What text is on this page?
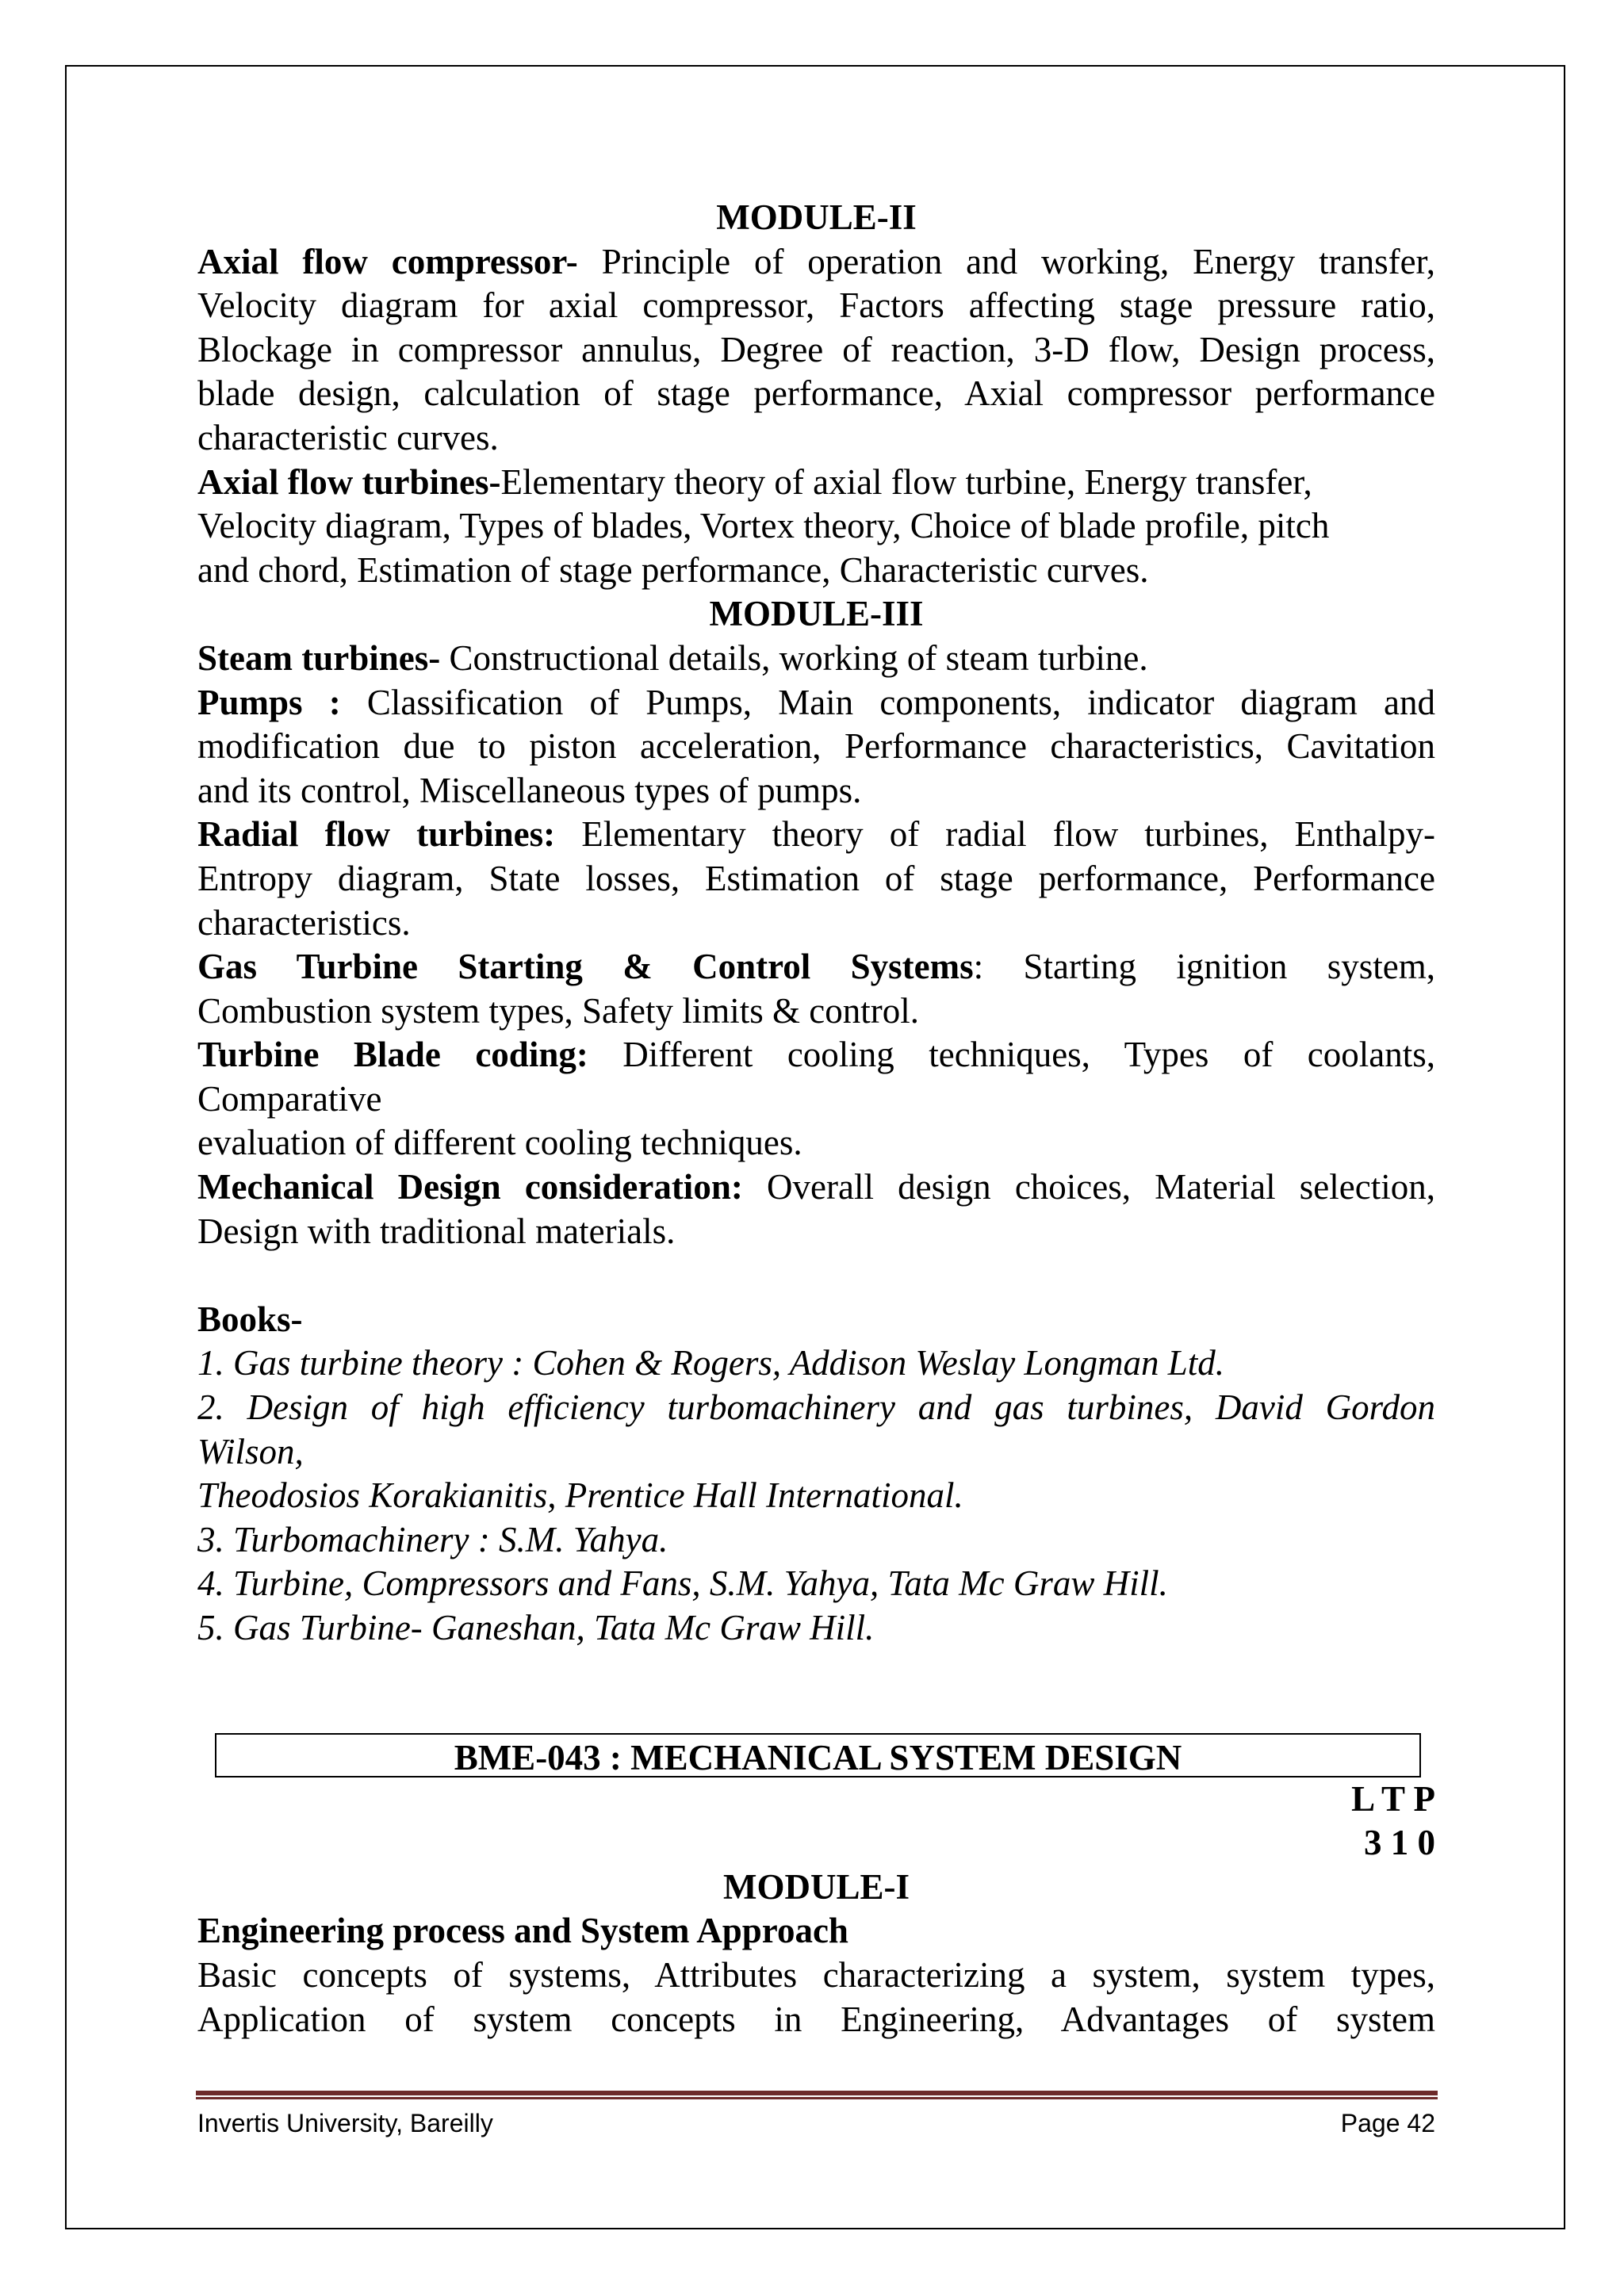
MODULE-II
Axial flow compressor- Principle of operation and working, Energy transfer,
Velocity diagram for axial compressor, Factors affecting stage pressure ratio,
Blockage in compressor annulus, Degree of reaction, 3-D flow, Design process,
blade design, calculation of stage performance, Axial compressor performance
characteristic curves.
Axial flow turbines-Elementary theory of axial flow turbine, Energy transfer,
Velocity diagram, Types of blades, Vortex theory, Choice of blade profile, pitch
and chord, Estimation of stage performance, Characteristic curves.
MODULE-III
Steam turbines- Constructional details, working of steam turbine.
Pumps : Classification of Pumps, Main components, indicator diagram and
modification due to piston acceleration, Performance characteristics, Cavitation
and its control, Miscellaneous types of pumps.
Radial flow turbines: Elementary theory of radial flow turbines, Enthalpy-
Entropy diagram, State losses, Estimation of stage performance, Performance
characteristics.
Gas Turbine Starting & Control Systems: Starting ignition system,
Combustion system types, Safety limits & control.
Turbine Blade coding: Different cooling techniques, Types of coolants,
Comparative
evaluation of different cooling techniques.
Mechanical Design consideration: Overall design choices, Material selection,
Design with traditional materials.
Books-
1. Gas turbine theory : Cohen & Rogers, Addison Weslay Longman Ltd.
2. Design of high efficiency turbomachinery and gas turbines, David Gordon
Wilson,
Theodosios Korakianitis, Prentice Hall International.
3. Turbomachinery : S.M. Yahya.
4. Turbine, Compressors and Fans, S.M. Yahya, Tata Mc Graw Hill.
5. Gas Turbine- Ganeshan, Tata Mc Graw Hill.
BME-043 : MECHANICAL SYSTEM DESIGN
L T P
3 1 0
MODULE-I
Engineering process and System Approach
Basic concepts of systems, Attributes characterizing a system, system types,
Application of system concepts in Engineering, Advantages of system
Invertis University, Bareilly	Page 42
